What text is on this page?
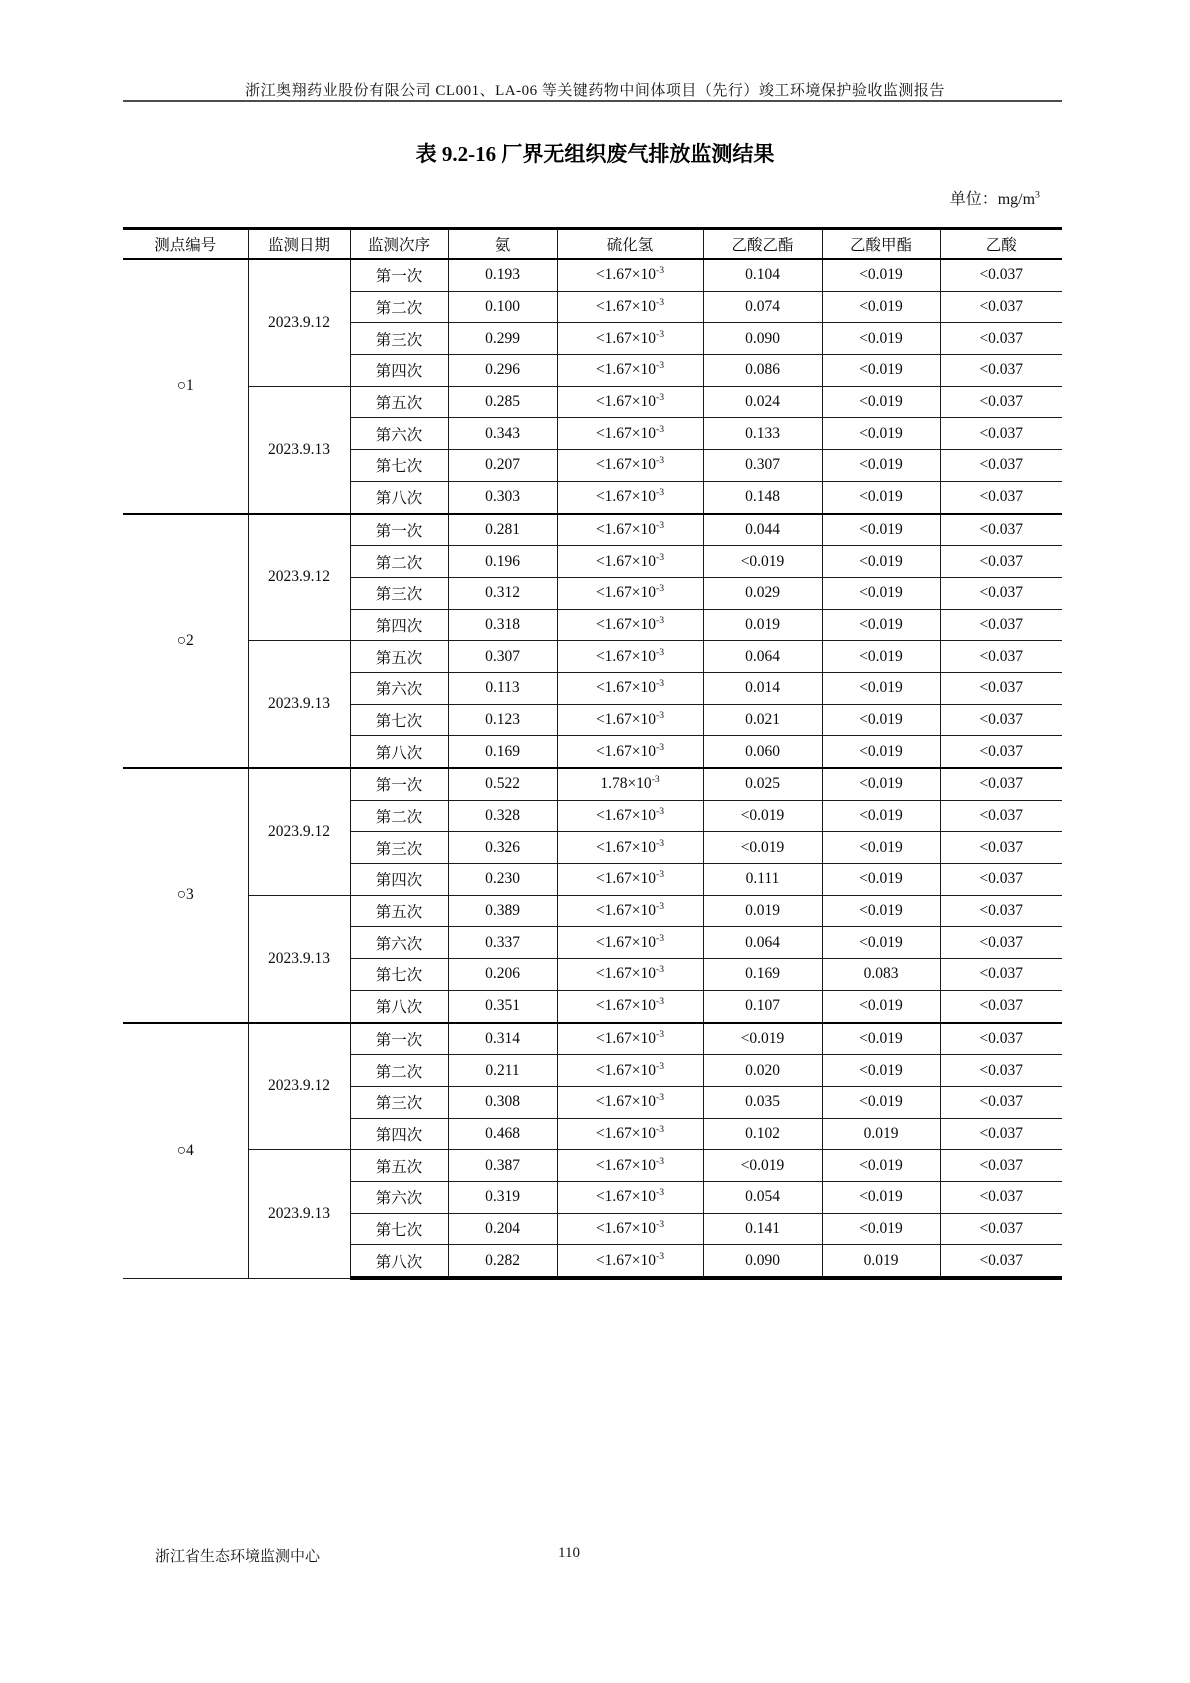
浙江奥翔药业股份有限公司 CL001、LA-06 等关键药物中间体项目（先行）竣工环境保护验收监测报告
表 9.2-16 厂界无组织废气排放监测结果
单位：$mg/m^3$
测点编号	监测日期	监测次序	氨	硫化氢	乙酸乙酯	乙酸甲酯	乙酸
○1	2023.9.12	第一次	0.193	$<1.67\times 10^{-3}$	0.104	<0.019	<0.037
		第二次	0.100	$<1.67\times 10^{-3}$	0.074	<0.019	<0.037
		第三次	0.299	$<1.67\times 10^{-3}$	0.090	<0.019	<0.037
		第四次	0.296	$<1.67\times 10^{-3}$	0.086	<0.019	<0.037
	2023.9.13	第五次	0.285	$<1.67\times 10^{-3}$	0.024	<0.019	<0.037
		第六次	0.343	$<1.67\times 10^{-3}$	0.133	<0.019	<0.037
		第七次	0.207	$<1.67\times 10^{-3}$	0.307	<0.019	<0.037
		第八次	0.303	$<1.67\times 10^{-3}$	0.148	<0.019	<0.037
○2	2023.9.12	第一次	0.281	$<1.67\times 10^{-3}$	0.044	<0.019	<0.037
		第二次	0.196	$<1.67\times 10^{-3}$	<0.019	<0.019	<0.037
		第三次	0.312	$<1.67\times 10^{-3}$	0.029	<0.019	<0.037
		第四次	0.318	$<1.67\times 10^{-3}$	0.019	<0.019	<0.037
	2023.9.13	第五次	0.307	$<1.67\times 10^{-3}$	0.064	<0.019	<0.037
		第六次	0.113	$<1.67\times 10^{-3}$	0.014	<0.019	<0.037
		第七次	0.123	$<1.67\times 10^{-3}$	0.021	<0.019	<0.037
		第八次	0.169	$<1.67\times 10^{-3}$	0.060	<0.019	<0.037
○3	2023.9.12	第一次	0.522	$1.78\times 10^{-3}$	0.025	<0.019	<0.037
		第二次	0.328	$<1.67\times 10^{-3}$	<0.019	<0.019	<0.037
		第三次	0.326	$<1.67\times 10^{-3}$	<0.019	<0.019	<0.037
		第四次	0.230	$<1.67\times 10^{-3}$	0.111	<0.019	<0.037
	2023.9.13	第五次	0.389	$<1.67\times 10^{-3}$	0.019	<0.019	<0.037
		第六次	0.337	$<1.67\times 10^{-3}$	0.064	<0.019	<0.037
		第七次	0.206	$<1.67\times 10^{-3}$	0.169	0.083	<0.037
		第八次	0.351	$<1.67\times 10^{-3}$	0.107	<0.019	<0.037
○4	2023.9.12	第一次	0.314	$<1.67\times 10^{-3}$	<0.019	<0.019	<0.037
		第二次	0.211	$<1.67\times 10^{-3}$	0.020	<0.019	<0.037
		第三次	0.308	$<1.67\times 10^{-3}$	0.035	<0.019	<0.037
		第四次	0.468	$<1.67\times 10^{-3}$	0.102	0.019	<0.037
	2023.9.13	第五次	0.387	$<1.67\times 10^{-3}$	<0.019	<0.019	<0.037
		第六次	0.319	$<1.67\times 10^{-3}$	0.054	<0.019	<0.037
		第七次	0.204	$<1.67\times 10^{-3}$	0.141	<0.019	<0.037
		第八次	0.282	$<1.67\times 10^{-3}$	0.090	0.019	<0.037
浙江省生态环境监测中心	110
